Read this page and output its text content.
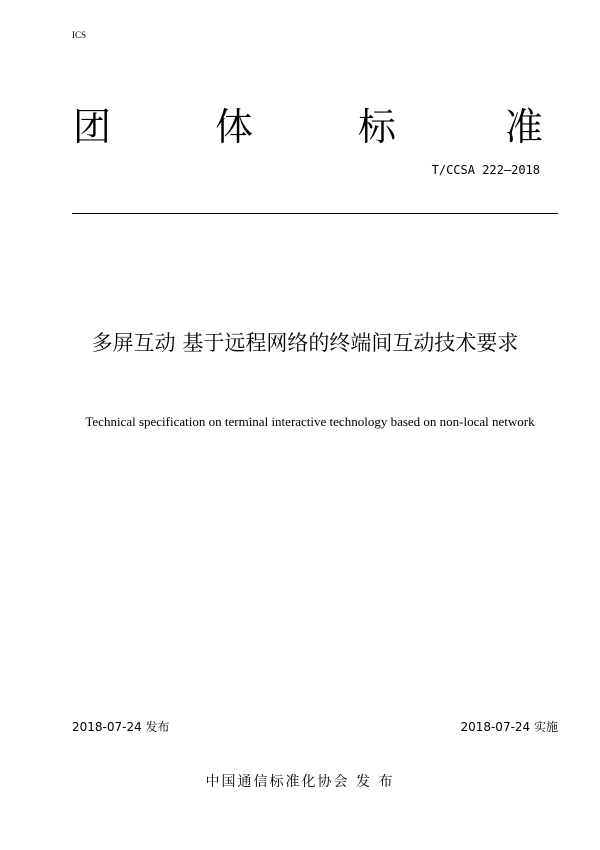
ICS
团	体	标	准
T/CCSA 222—2018
多屏互动 基于远程网络的终端间互动技术要求
Technical specification on terminal interactive technology based on non-local network
2018-07-24 发布	2018-07-24 实施
中国通信标准化协会 发 布
